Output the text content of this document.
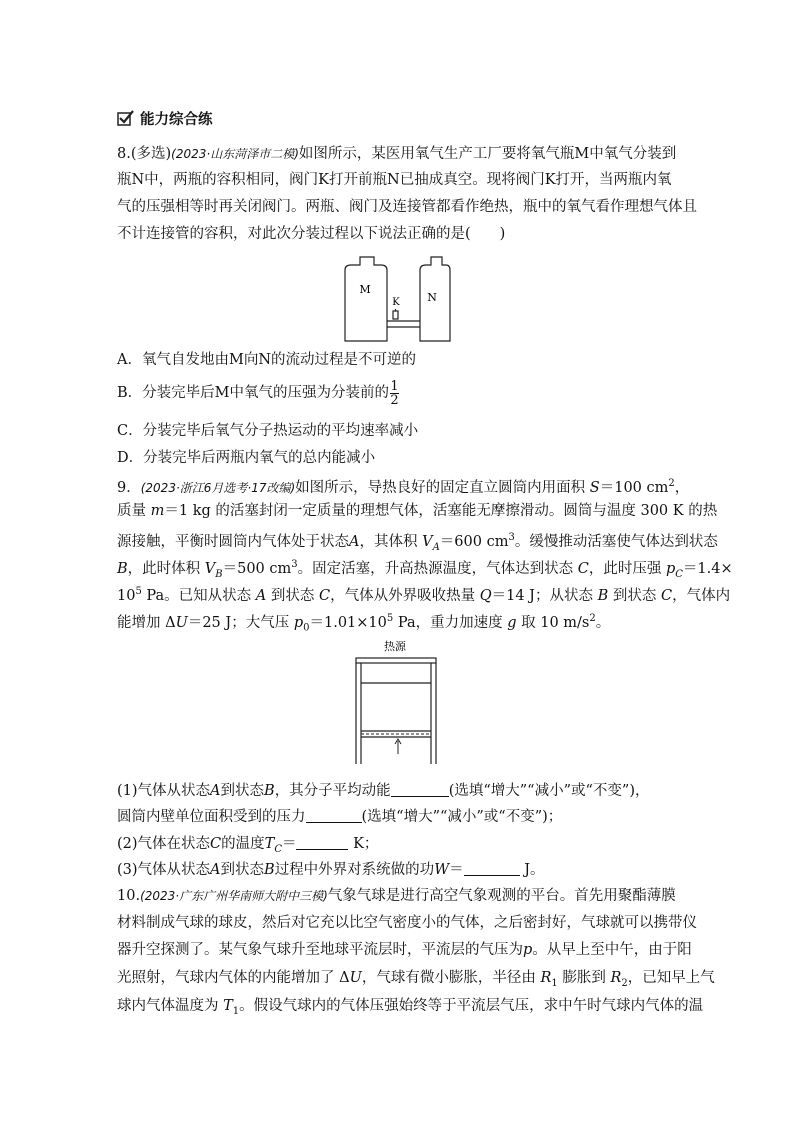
能力综合练
8.(多选)(2023·山东菏泽市二模)如图所示，某医用氧气生产工厂要将氧气瓶M中氧气分装到
瓶N中，两瓶的容积相同，阀门K打开前瓶N已抽成真空。现将阀门K打开，当两瓶内氧
气的压强相等时再关闭阀门。两瓶、阀门及连接管都看作绝热，瓶中的氧气看作理想气体且
不计连接管的容积，对此次分装过程以下说法正确的是(　　)
M
K N
A．氧气自发地由M向N的流动过程是不可逆的
B．分装完毕后M中氧气的压强为分装前的 $\frac{1}{2}$
C．分装完毕后氧气分子热运动的平均速率减小
D．分装完毕后两瓶内氧气的总内能减小
9．(2023·浙江6月选考·17改编)如图所示，导热良好的固定直立圆筒内用面积 S＝100 $cm^2$，
质量 m＝1 kg 的活塞封闭一定质量的理想气体，活塞能无摩擦滑动。圆筒与温度 300 K 的热
源接触，平衡时圆筒内气体处于状态A，其体积 $V_A=600$ $cm^3$。缓慢推动活塞使气体达到状态
B，此时体积 $V_B=500$ $cm^3$。固定活塞，升高热源温度，气体达到状态 C，此时压强 $p_C=1.4\times$
$10^5$ Pa。已知从状态 A 到状态 C，气体从外界吸收热量 Q＝14 J；从状态 B 到状态 C，气体内
能增加 ΔU＝25 J；大气压 $p_0=1.01\times 10^5$ Pa，重力加速度 g 取 10 $m/s^2$。
热源
(1)气体从状态A到状态B，其分子平均动能	(选填“增大”“减小”或“不变”)，
圆筒内壁单位面积受到的压力	(选填“增大”“减小”或“不变”)；
(2)气体在状态C的温度$T_C=$	K；
(3)气体从状态A到状态B过程中外界对系统做的功W＝	J。
10.(2023·广东广州华南师大附中三模)气象气球是进行高空气象观测的平台。首先用聚酯薄膜
材料制成气球的球皮，然后对它充以比空气密度小的气体，之后密封好，气球就可以携带仪
器升空探测了。某气象气球升至地球平流层时，平流层的气压为p。从早上至中午，由于阳
光照射，气球内气体的内能增加了 ΔU，气球有微小膨胀，半径由 $R_1$ 膨胀到 $R_2$，已知早上气
球内气体温度为 $T_1$。假设气球内的气体压强始终等于平流层气压，求中午时气球内气体的温
